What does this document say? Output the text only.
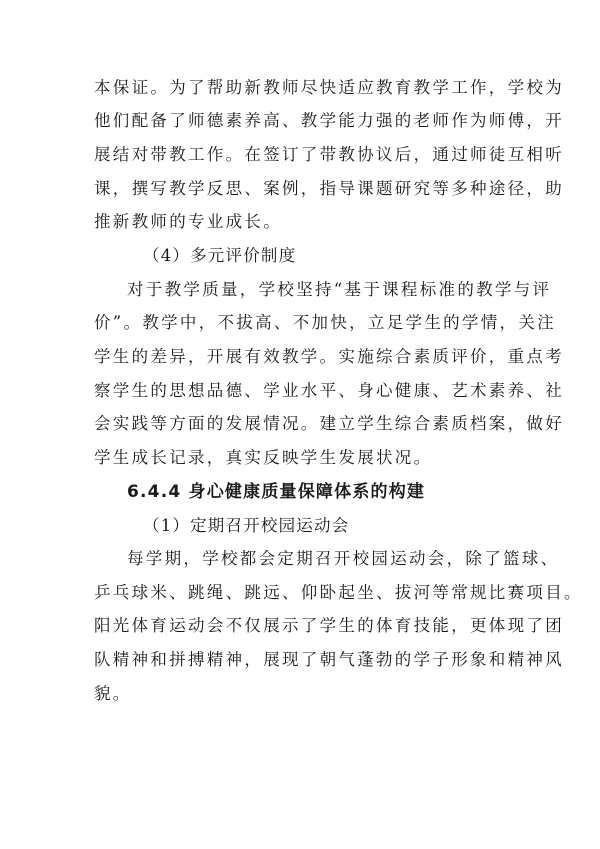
本保证。为了帮助新教师尽快适应教育教学工作，学校为
他们配备了师德素养高、教学能力强的老师作为师傅，开
展结对带教工作。在签订了带教协议后，通过师徒互相听
课，撰写教学反思、案例，指导课题研究等多种途径，助
推新教师的专业成长。
（4）多元评价制度
对于教学质量，学校坚持“基于课程标准的教学与评
价”。教学中，不拔高、不加快，立足学生的学情，关注
学生的差异，开展有效教学。实施综合素质评价，重点考
察学生的思想品德、学业水平、身心健康、艺术素养、社
会实践等方面的发展情况。建立学生综合素质档案，做好
学生成长记录，真实反映学生发展状况。
6.4.4 身心健康质量保障体系的构建
（1）定期召开校园运动会
每学期，学校都会定期召开校园运动会，除了篮球、
乒乓球米、跳绳、跳远、仰卧起坐、拔河等常规比赛项目。
阳光体育运动会不仅展示了学生的体育技能，更体现了团
队精神和拼搏精神，展现了朝气蓬勃的学子形象和精神风
貌。
